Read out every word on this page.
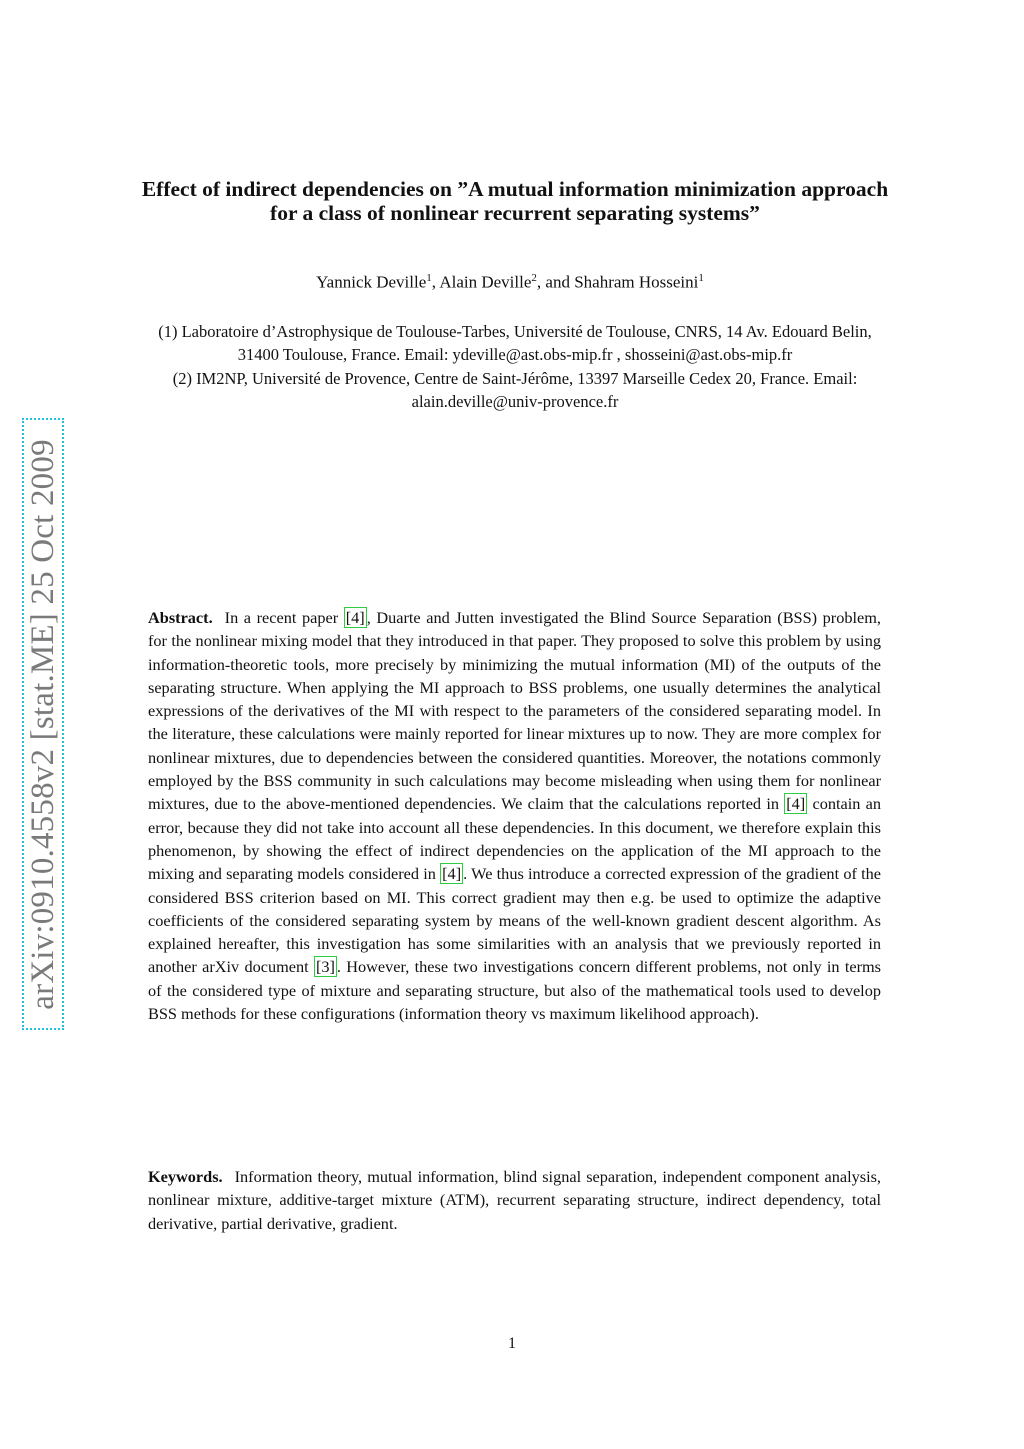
arXiv:0910.4558v2 [stat.ME] 25 Oct 2009
Effect of indirect dependencies on ”A mutual information minimization approach for a class of nonlinear recurrent separating systems”
Yannick Deville$^1$, Alain Deville$^2$, and Shahram Hosseini$^1$

(1) Laboratoire d’Astrophysique de Toulouse-Tarbes, Université de Toulouse, CNRS, 14 Av. Edouard Belin, 31400 Toulouse, France. Email: ydeville@ast.obs-mip.fr , shosseini@ast.obs-mip.fr

(2) IM2NP, Université de Provence, Centre de Saint-Jérôme, 13397 Marseille Cedex 20, France. Email: alain.deville@univ-provence.fr

Abstract. In a recent paper [4] , Duarte and Jutten investigated the Blind Source Separation (BSS) problem, for the nonlinear mixing model that they introduced in that paper. They proposed to solve this problem by using information-theoretic tools, more precisely by minimizing the mutual information (MI) of the outputs of the separating structure. When applying the MI approach to BSS problems, one usually determines the analytical expressions of the derivatives of the MI with respect to the parameters of the considered separating model. In the literature, these calculations were mainly reported for linear mixtures up to now. They are more complex for nonlinear mixtures, due to dependencies between the considered quantities. Moreover, the notations commonly employed by the BSS community in such calculations may become misleading when using them for nonlinear mixtures, due to the above-mentioned dependencies. We claim that the calculations reported in [4] contain an error, because they did not take into account all these dependencies. In this document, we therefore explain this phenomenon, by showing the effect of indirect dependencies on the application of the MI approach to the mixing and separating models considered in [4] . We thus introduce a corrected expression of the gradient of the considered BSS criterion based on MI. This correct gradient may then e.g. be used to optimize the adaptive coefficients of the considered separating system by means of the well-known gradient descent algorithm. As explained hereafter, this investigation has some similarities with an analysis that we previously reported in another arXiv document [3] . However, these two investigations concern different problems, not only in terms of the considered type of mixture and separating structure, but also of the mathematical tools used to develop BSS methods for these configurations (information theory vs maximum likelihood approach).

Keywords. Information theory, mutual information, blind signal separation, independent component analysis, nonlinear mixture, additive-target mixture (ATM), recurrent separating structure, indirect dependency, total derivative, partial derivative, gradient.

1
